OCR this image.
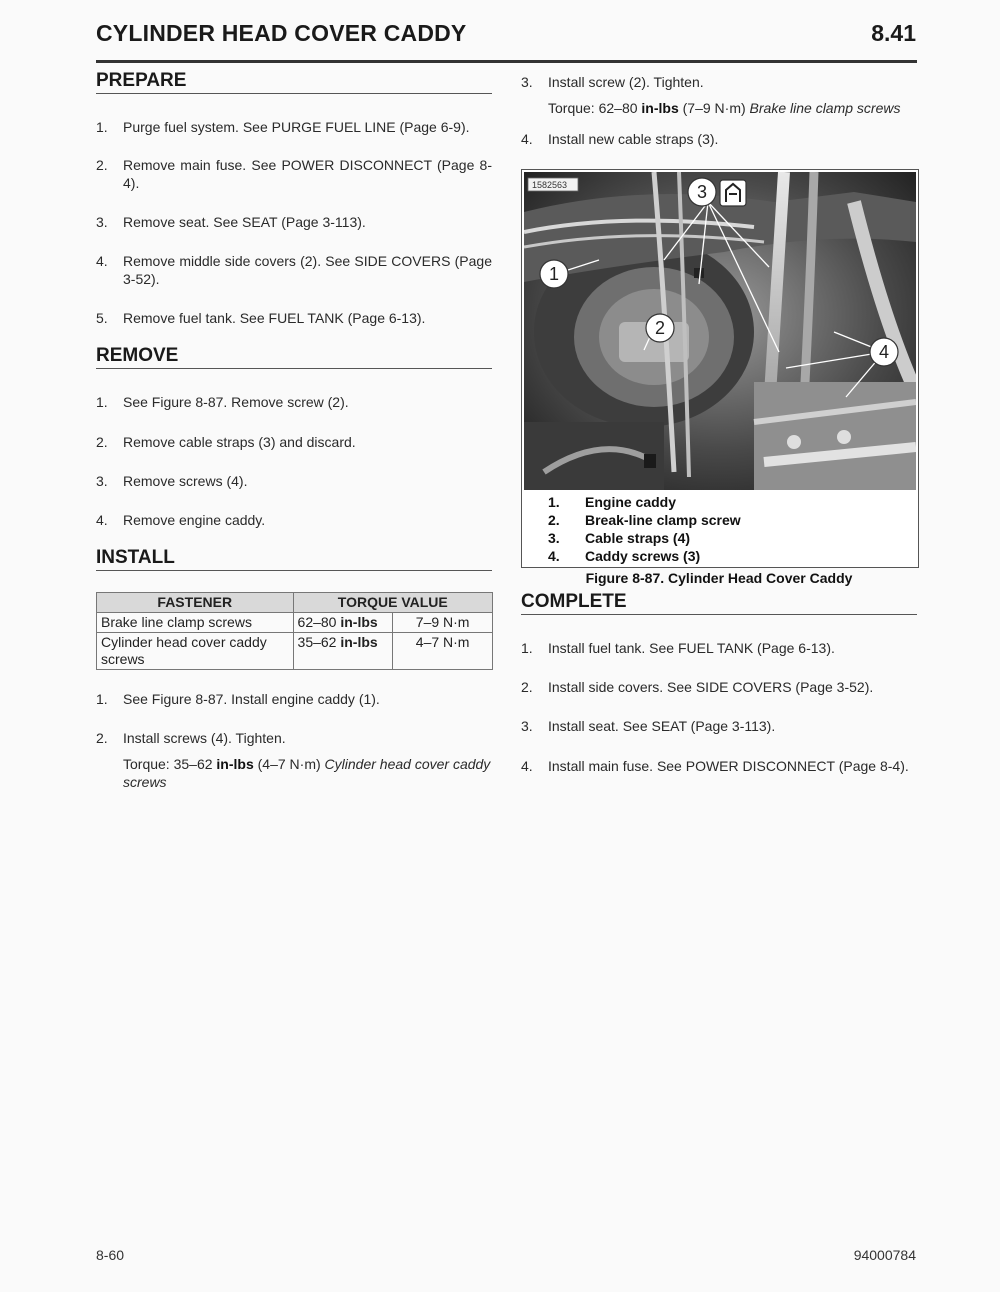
CYLINDER HEAD COVER CADDY	8.41
PREPARE
1. Purge fuel system. See PURGE FUEL LINE (Page 6-9).
2. Remove main fuse. See POWER DISCONNECT (Page 8-4).
3. Remove seat. See SEAT (Page 3-113).
4. Remove middle side covers (2). See SIDE COVERS (Page 3-52).
5. Remove fuel tank. See FUEL TANK (Page 6-13).
REMOVE
1. See Figure 8-87. Remove screw (2).
2. Remove cable straps (3) and discard.
3. Remove screws (4).
4. Remove engine caddy.
INSTALL
FASTENER	TORQUE VALUE	
Brake line clamp screws	62–80 in-lbs	7–9 N·m
Cylinder head cover caddy screws	35–62 in-lbs	4–7 N·m
1. See Figure 8-87. Install engine caddy (1).
2. Install screws (4). Tighten.
Torque: 35–62 in-lbs (4–7 N·m) Cylinder head cover caddy screws
3. Install screw (2). Tighten.
Torque: 62–80 in-lbs (7–9 N·m) Brake line clamp screws
4. Install new cable straps (3).
1582563
1
2
3
4
1. Engine caddy
2. Break-line clamp screw
3. Cable straps (4)
4. Caddy screws (3)
Figure 8-87. Cylinder Head Cover Caddy
COMPLETE
1. Install fuel tank. See FUEL TANK (Page 6-13).
2. Install side covers. See SIDE COVERS (Page 3-52).
3. Install seat. See SEAT (Page 3-113).
4. Install main fuse. See POWER DISCONNECT (Page 8-4).
8-60	94000784
